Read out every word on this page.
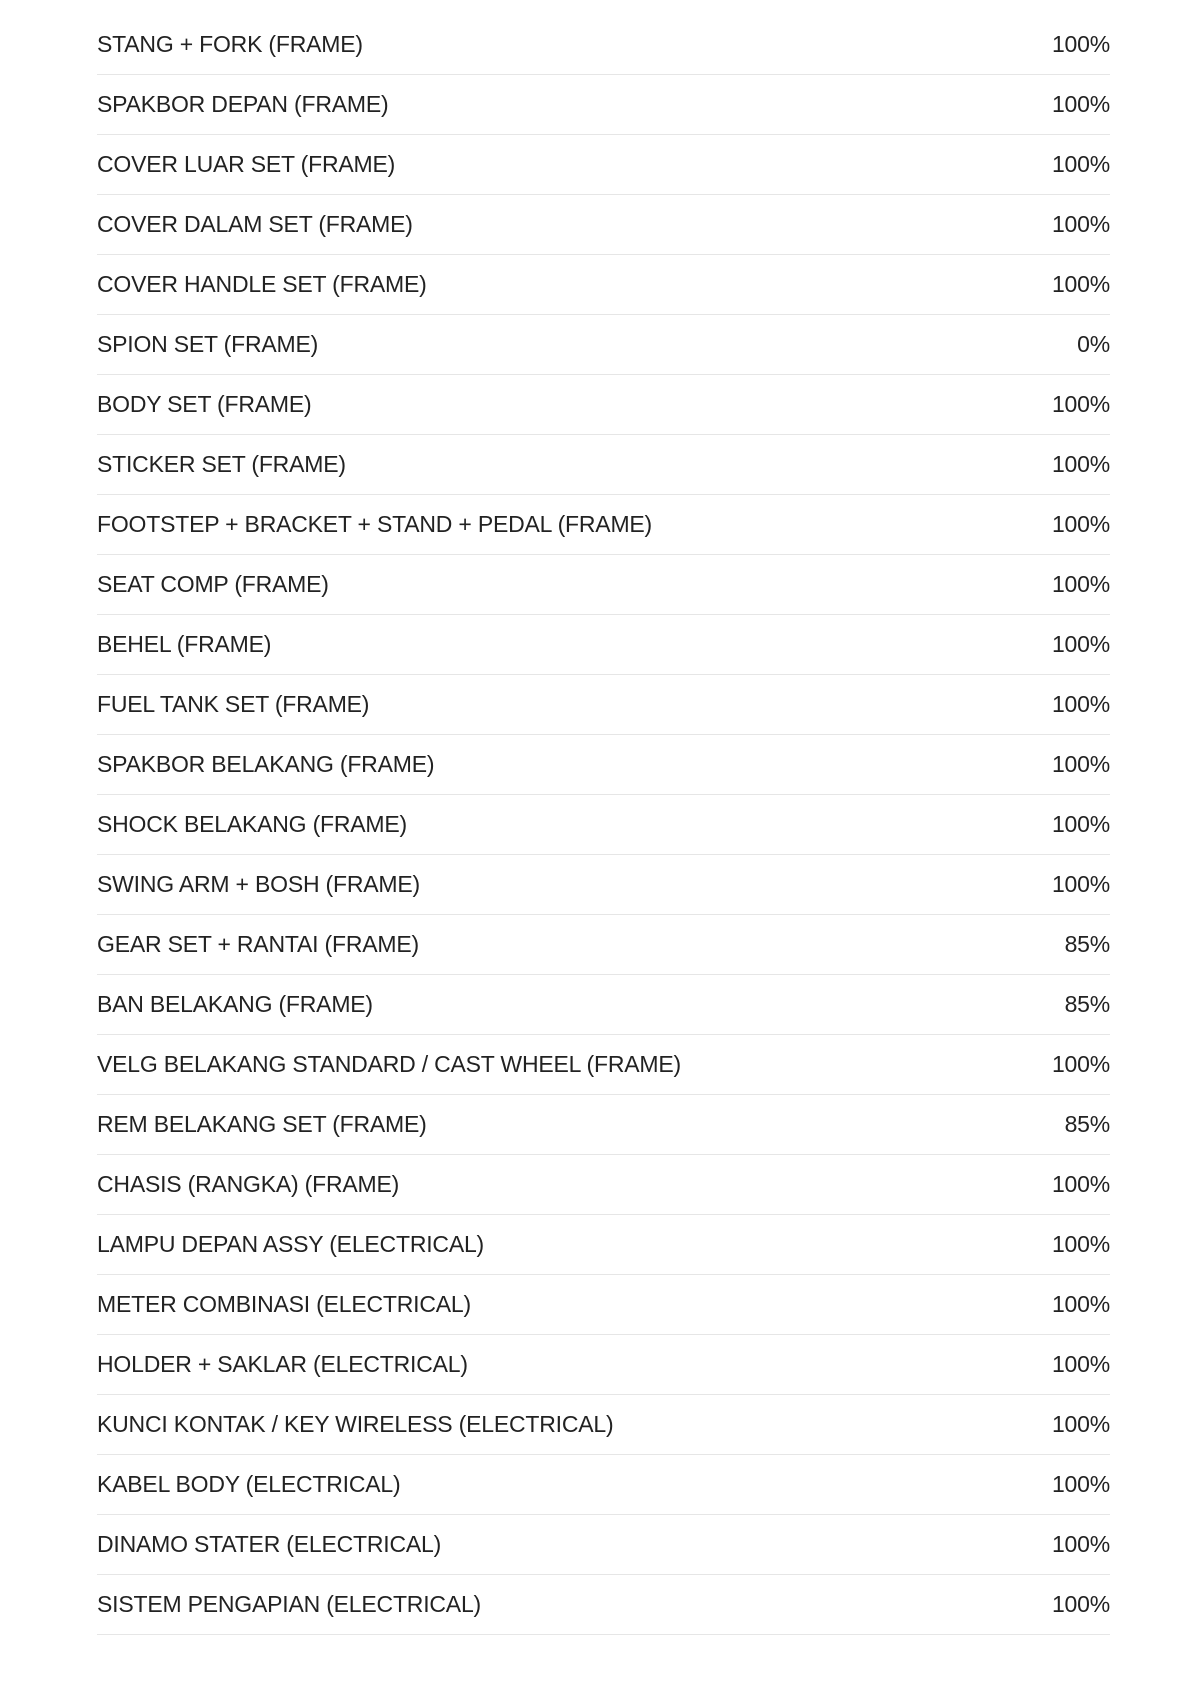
STANG + FORK (FRAME)	100%
SPAKBOR DEPAN (FRAME)	100%
COVER LUAR SET (FRAME)	100%
COVER DALAM SET (FRAME)	100%
COVER HANDLE SET (FRAME)	100%
SPION SET (FRAME)	0%
BODY SET (FRAME)	100%
STICKER SET (FRAME)	100%
FOOTSTEP + BRACKET + STAND + PEDAL (FRAME)	100%
SEAT COMP (FRAME)	100%
BEHEL (FRAME)	100%
FUEL TANK SET (FRAME)	100%
SPAKBOR BELAKANG (FRAME)	100%
SHOCK BELAKANG (FRAME)	100%
SWING ARM + BOSH (FRAME)	100%
GEAR SET + RANTAI (FRAME)	85%
BAN BELAKANG (FRAME)	85%
VELG BELAKANG STANDARD / CAST WHEEL (FRAME)	100%
REM BELAKANG SET (FRAME)	85%
CHASIS (RANGKA) (FRAME)	100%
LAMPU DEPAN ASSY (ELECTRICAL)	100%
METER COMBINASI (ELECTRICAL)	100%
HOLDER + SAKLAR (ELECTRICAL)	100%
KUNCI KONTAK / KEY WIRELESS (ELECTRICAL)	100%
KABEL BODY (ELECTRICAL)	100%
DINAMO STATER (ELECTRICAL)	100%
SISTEM PENGAPIAN (ELECTRICAL)	100%
